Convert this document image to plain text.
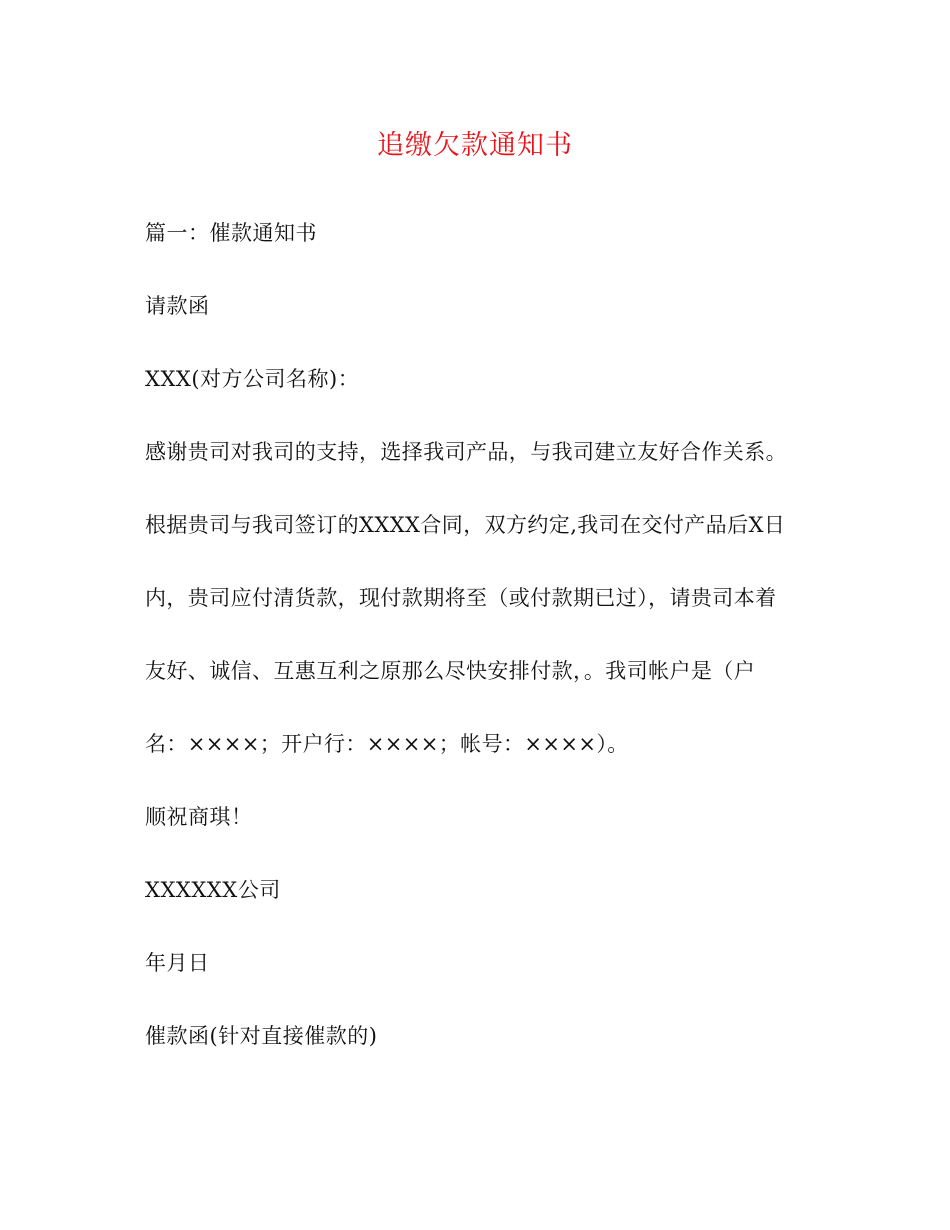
追缴欠款通知书
篇一：催款通知书
请款函
XXX(对方公司名称)：
感谢贵司对我司的支持，选择我司产品，与我司建立友好合作关系。
根据贵司与我司签订的XXXX合同，双方约定,我司在交付产品后X日
内，贵司应付清货款，现付款期将至（或付款期已过），请贵司本着
友好、诚信、互惠互利之原那么尽快安排付款，。我司帐户是（户
名：××××；开户行：××××；帐号：××××）。
顺祝商琪！
XXXXXX公司
年月日
催款函(针对直接催款的)
